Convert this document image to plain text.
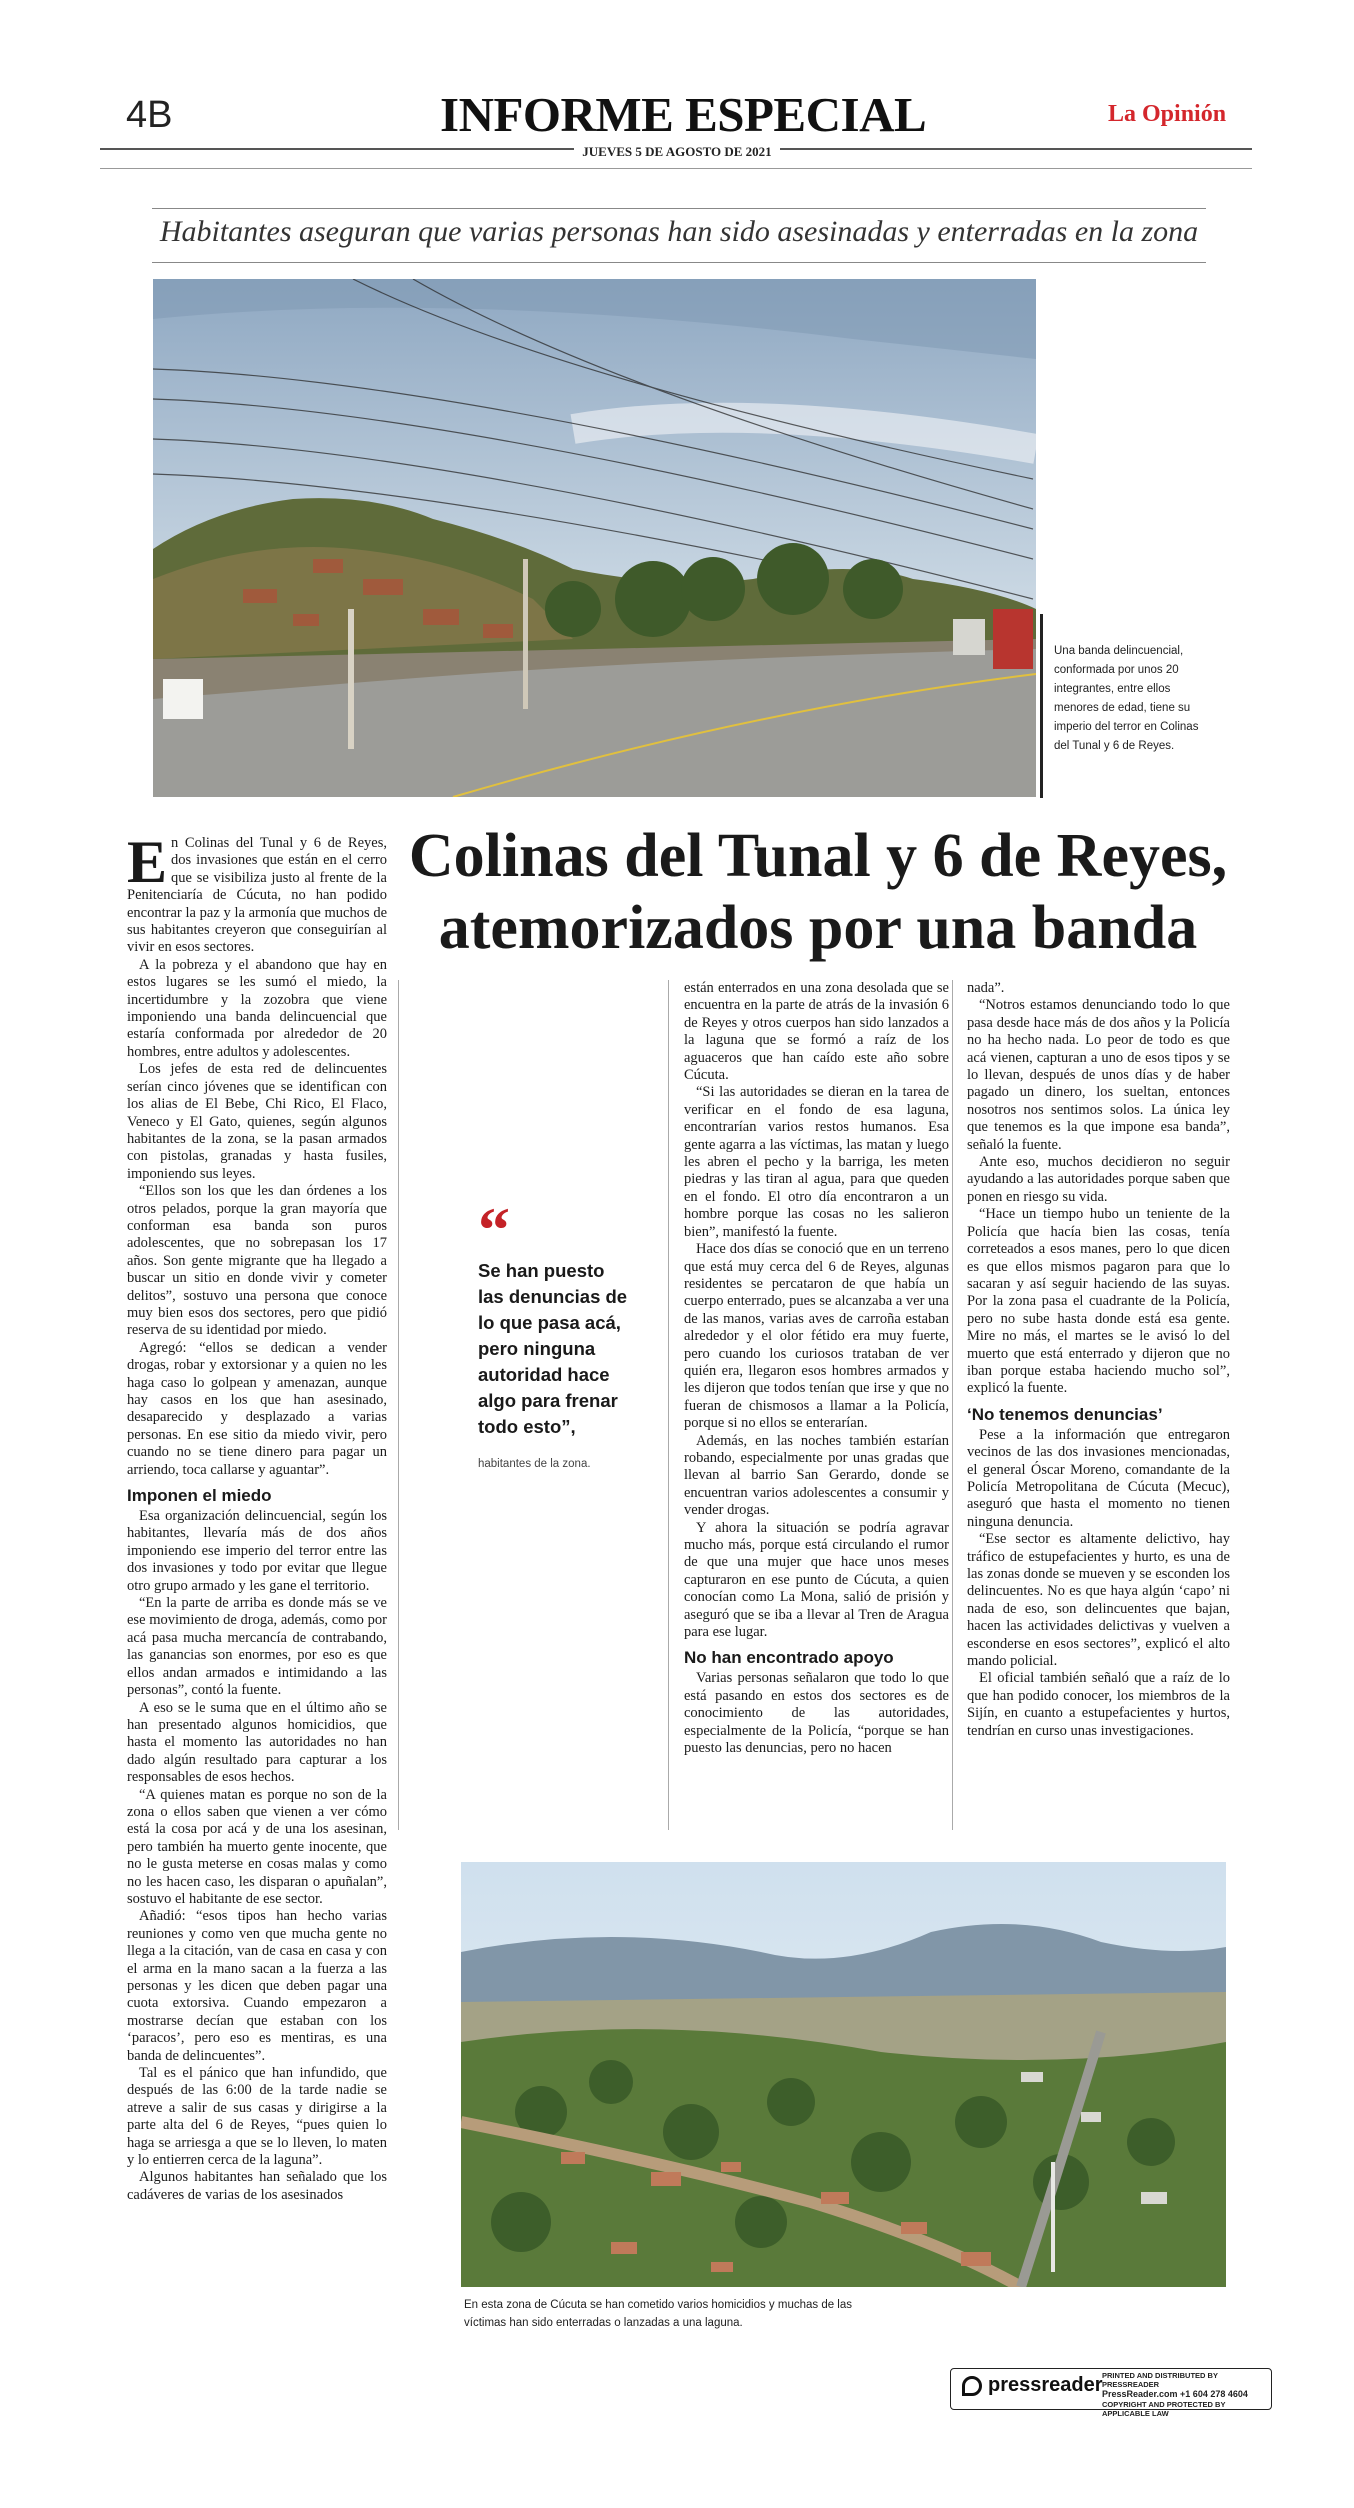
4B	INFORME ESPECIAL	La Opinión
JUEVES 5 DE AGOSTO DE 2021
Habitantes aseguran que varias personas han sido asesinadas y enterradas en la zona
Una banda delincuencial, conformada por unos 20 integrantes, entre ellos menores de edad, tiene su imperio del terror en Colinas del Tunal y 6 de Reyes.
Colinas del Tunal y 6 de Reyes, atemorizados por una banda

En Colinas del Tunal y 6 de Reyes, dos invasiones que están en el cerro que se visibiliza justo al frente de la Penitenciaría de Cúcuta, no han podido encontrar la paz y la armonía que muchos de sus habitantes creyeron que conseguirían al vivir en esos sectores.

A la pobreza y el abandono que hay en estos lugares se les sumó el miedo, la incertidumbre y la zozobra que viene imponiendo una banda delincuencial que estaría conformada por alrededor de 20 hombres, entre adultos y adolescentes.

Los jefes de esta red de delincuentes serían cinco jóvenes que se identifican con los alias de El Bebe, Chi Rico, El Flaco, Veneco y El Gato, quienes, según algunos habitantes de la zona, se la pasan armados con pistolas, granadas y hasta fusiles, imponiendo sus leyes.

“Ellos son los que les dan órdenes a los otros pelados, porque la gran mayoría que conforman esa banda son puros adolescentes, que no sobrepasan los 17 años. Son gente migrante que ha llegado a buscar un sitio en donde vivir y cometer delitos”, sostuvo una persona que conoce muy bien esos dos sectores, pero que pidió reserva de su identidad por miedo.

Agregó: “ellos se dedican a vender drogas, robar y extorsionar y a quien no les haga caso lo golpean y amenazan, aunque hay casos en los que han asesinado, desaparecido y desplazado a varias personas. En ese sitio da miedo vivir, pero cuando no se tiene dinero para pagar un arriendo, toca callarse y aguantar”.

Imponen el miedo

Esa organización delincuencial, según los habitantes, llevaría más de dos años imponiendo ese imperio del terror entre las dos invasiones y todo por evitar que llegue otro grupo armado y les gane el territorio.

“En la parte de arriba es donde más se ve ese movimiento de droga, además, como por acá pasa mucha mercancía de contrabando, las ganancias son enormes, por eso es que ellos andan armados e intimidando a las personas”, contó la fuente.

A eso se le suma que en el último año se han presentado algunos homicidios, que hasta el momento las autoridades no han dado algún resultado para capturar a los responsables de esos hechos.

“A quienes matan es porque no son de la zona o ellos saben que vienen a ver cómo está la cosa por acá y de una los asesinan, pero también ha muerto gente inocente, que no le gusta meterse en cosas malas y como no les hacen caso, les disparan o apuñalan”, sostuvo el habitante de ese sector.

Añadió: “esos tipos han hecho varias reuniones y como ven que mucha gente no llega a la citación, van de casa en casa y con el arma en la mano sacan a la fuerza a las personas y les dicen que deben pagar una cuota extorsiva. Cuando empezaron a mostrarse decían que estaban con los ‘paracos’, pero eso es mentiras, es una banda de delincuentes”.

Tal es el pánico que han infundido, que después de las 6:00 de la tarde nadie se atreve a salir de sus casas y dirigirse a la parte alta del 6 de Reyes, “pues quien lo haga se arriesga a que se lo lleven, lo maten y lo entierren cerca de la laguna”.

Algunos habitantes han señalado que los cadáveres de varias de los asesinados

“
Se han puesto las denuncias de lo que pasa acá, pero ninguna autoridad hace algo para frenar todo esto”,
habitantes de la zona.

están enterrados en una zona desolada que se encuentra en la parte de atrás de la invasión 6 de Reyes y otros cuerpos han sido lanzados a la laguna que se formó a raíz de los aguaceros que han caído este año sobre Cúcuta.

“Si las autoridades se dieran en la tarea de verificar en el fondo de esa laguna, encontrarían varios restos humanos. Esa gente agarra a las víctimas, las matan y luego les abren el pecho y la barriga, les meten piedras y las tiran al agua, para que queden en el fondo. El otro día encontraron a un hombre porque las cosas no les salieron bien”, manifestó la fuente.

Hace dos días se conoció que en un terreno que está muy cerca del 6 de Reyes, algunas residentes se percataron de que había un cuerpo enterrado, pues se alcanzaba a ver una de las manos, varias aves de carroña estaban alrededor y el olor fétido era muy fuerte, pero cuando los curiosos trataban de ver quién era, llegaron esos hombres armados y les dijeron que todos tenían que irse y que no fueran de chismosos a llamar a la Policía, porque si no ellos se enterarían.

Además, en las noches también estarían robando, especialmente por unas gradas que llevan al barrio San Gerardo, donde se encuentran varios adolescentes a consumir y vender drogas.

Y ahora la situación se podría agravar mucho más, porque está circulando el rumor de que una mujer que hace unos meses capturaron en ese punto de Cúcuta, a quien conocían como La Mona, salió de prisión y aseguró que se iba a llevar al Tren de Aragua para ese lugar.

No han encontrado apoyo

Varias personas señalaron que todo lo que está pasando en estos dos sectores es de conocimiento de las autoridades, especialmente de la Policía, “porque se han puesto las denuncias, pero no hacen

nada”.

“Notros estamos denunciando todo lo que pasa desde hace más de dos años y la Policía no ha hecho nada. Lo peor de todo es que acá vienen, capturan a uno de esos tipos y se lo llevan, después de unos días y de haber pagado un dinero, los sueltan, entonces nosotros nos sentimos solos. La única ley que tenemos es la que impone esa banda”, señaló la fuente.

Ante eso, muchos decidieron no seguir ayudando a las autoridades porque saben que ponen en riesgo su vida.

“Hace un tiempo hubo un teniente de la Policía que hacía bien las cosas, tenía correteados a esos manes, pero lo que dicen es que ellos mismos pagaron para que lo sacaran y así seguir haciendo de las suyas. Por la zona pasa el cuadrante de la Policía, pero no sube hasta donde está esa gente. Mire no más, el martes se le avisó lo del muerto que está enterrado y dijeron que no iban porque estaba haciendo mucho sol”, explicó la fuente.

‘No tenemos denuncias’

Pese a la información que entregaron vecinos de las dos invasiones mencionadas, el general Óscar Moreno, comandante de la Policía Metropolitana de Cúcuta (Mecuc), aseguró que hasta el momento no tienen ninguna denuncia.

“Ese sector es altamente delictivo, hay tráfico de estupefacientes y hurto, es una de las zonas donde se mueven y se esconden los delincuentes. No es que haya algún ‘capo’ ni nada de eso, son delincuentes que bajan, hacen las actividades delictivas y vuelven a esconderse en esos sectores”, explicó el alto mando policial.

El oficial también señaló que a raíz de lo que han podido conocer, los miembros de la Sijín, en cuanto a estupefacientes y hurtos, tendrían en curso unas investigaciones.

En esta zona de Cúcuta se han cometido varios homicidios y muchas de las víctimas han sido enterradas o lanzadas a una laguna.
pressreader PRINTED AND DISTRIBUTED BY PRESSREADER
PressReader.com +1 604 278 4604
COPYRIGHT AND PROTECTED BY APPLICABLE LAW
